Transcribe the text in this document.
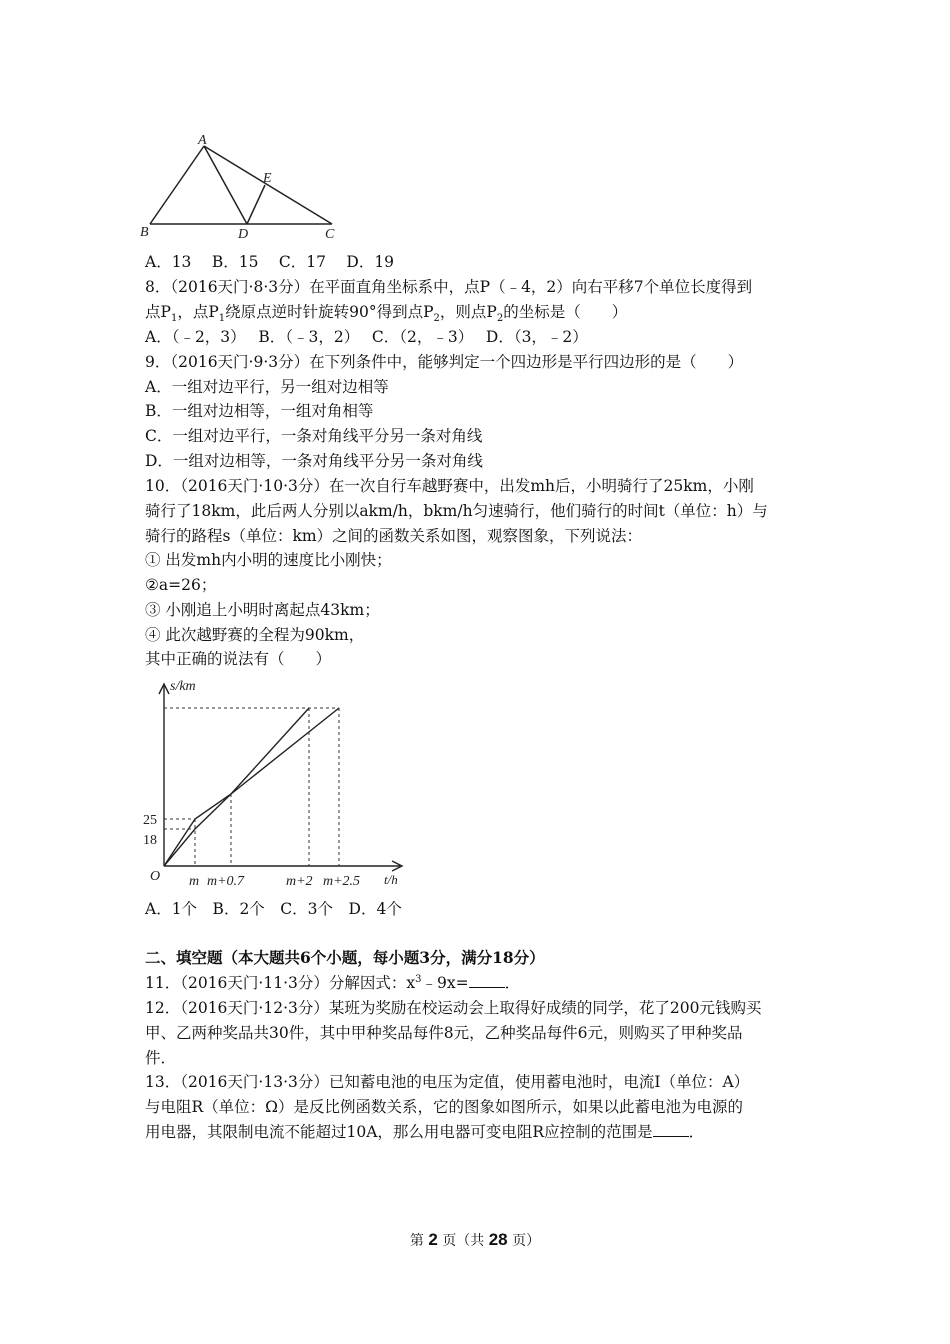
A
B	C
D
E
A．13　 B．15　 C．17　 D．19
8．（2016天门·8·3分）在平面直角坐标系中，点P（﹣4，2）向右平移7个单位长度得到
点$P_1$，点$P_1$绕原点逆时针旋转90°得到点$P_2$，则点$P_2$的坐标是（　　）
A．（﹣2，3）　 B．（﹣3，2）　 C．（2，﹣3）　 D．（3，﹣2）
9．（2016天门·9·3分）在下列条件中，能够判定一个四边形是平行四边形的是（　　）
A．一组对边平行，另一组对边相等
B．一组对边相等，一组对角相等
C．一组对边平行，一条对角线平分另一条对角线
D．一组对边相等，一条对角线平分另一条对角线
10．（2016天门·10·3分）在一次自行车越野赛中，出发mh后，小明骑行了25km，小刚
骑行了18km，此后两人分别以akm/h，bkm/h匀速骑行，他们骑行的时间t（单位：h）与
骑行的路程s（单位：km）之间的函数关系如图，观察图象，下列说法：
① 出发mh内小明的速度比小刚快；
②a=26；
③ 小刚追上小明时离起点43km；
④ 此次越野赛的全程为90km，
其中正确的说法有（　　）
s/km
t/h
O
25
18
m m+0.7	m+2 m+2.5
A．1个　B．2个　C．3个　D．4个
二、填空题（本大题共6个小题，每小题3分，满分18分）
11．（2016天门·11·3分）分解因式：$x^3﹣9x=$ ．
12．（2016天门·12·3分）某班为奖励在校运动会上取得好成绩的同学，花了200元钱购买
甲、乙两种奖品共30件，其中甲种奖品每件8元，乙种奖品每件6元，则购买了甲种奖品
件．
13．（2016天门·13·3分）已知蓄电池的电压为定值，使用蓄电池时，电流I（单位：A）
与电阻R（单位：Ω）是反比例函数关系，它的图象如图所示，如果以此蓄电池为电源的
用电器，其限制电流不能超过10A，那么用电器可变电阻R应控制的范围是 ．
第 2 页（共 28 页）
